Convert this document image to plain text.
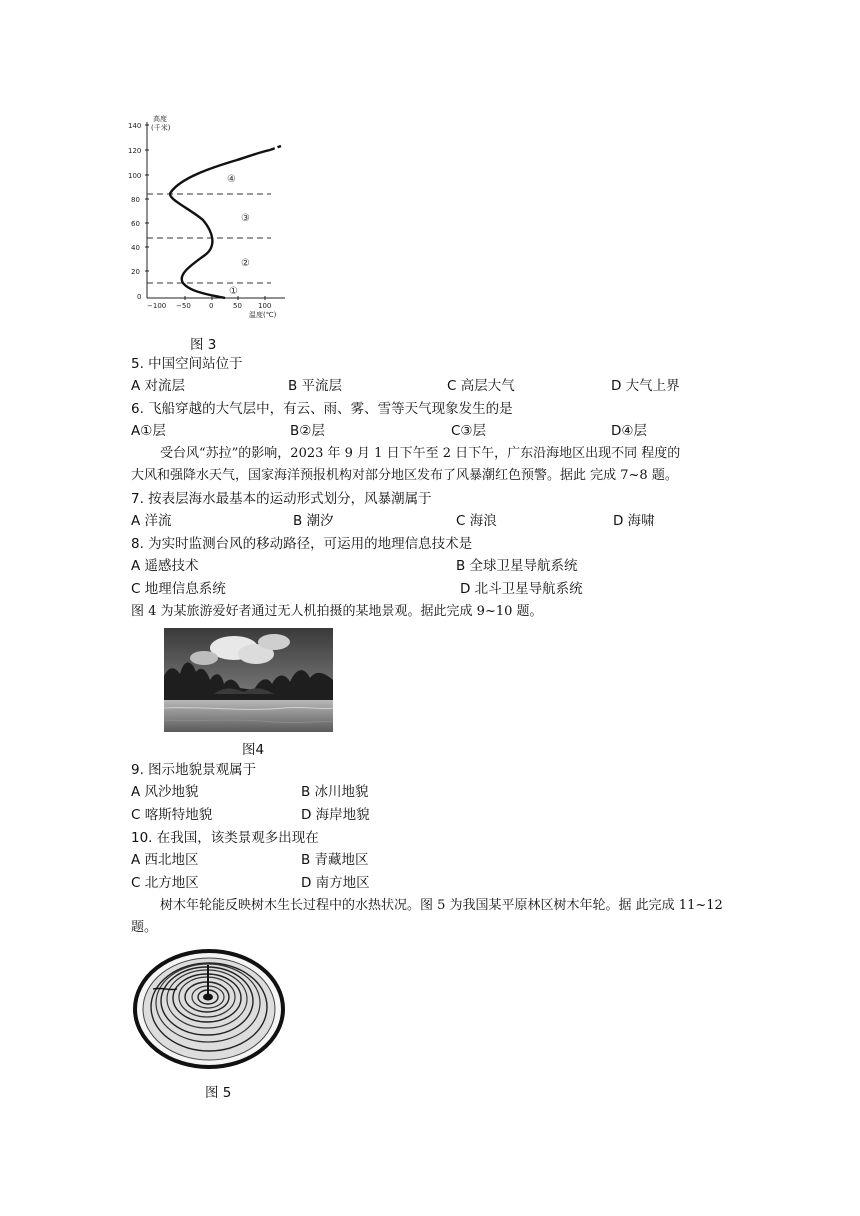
高度
(千米)
140
120
100
80
60
40
20
0
−100 −50	0	50 100
温度(℃)
④
③
②
①
图 3
5. 中国空间站位于
A 对流层	B 平流层	C 高层大气	D 大气上界
6. 飞船穿越的大气层中，有云、雨、雾、雪等天气现象发生的是
A①层	B②层	C③层	D④层
受台风“苏拉”的影响，2023 年 9 月 1 日下午至 2 日下午，广东沿海地区出现不同 程度的
大风和强降水天气，国家海洋预报机构对部分地区发布了风暴潮红色预警。据此 完成 7~8 题。
7. 按表层海水最基本的运动形式划分，风暴潮属于
A 洋流	B 潮汐	C 海浪	D 海啸
8. 为实时监测台风的移动路径，可运用的地理信息技术是
A 遥感技术	B 全球卫星导航系统
C 地理信息系统	D 北斗卫星导航系统
图 4 为某旅游爱好者通过无人机拍摄的某地景观。据此完成 9~10 题。
图4
9. 图示地貌景观属于
A 风沙地貌	B 冰川地貌
C 喀斯特地貌	D 海岸地貌
10. 在我国，该类景观多出现在
A 西北地区	B 青藏地区
C 北方地区	D 南方地区
树木年轮能反映树木生长过程中的水热状况。图 5 为我国某平原林区树木年轮。据 此完成 11~12
题。
图 5
